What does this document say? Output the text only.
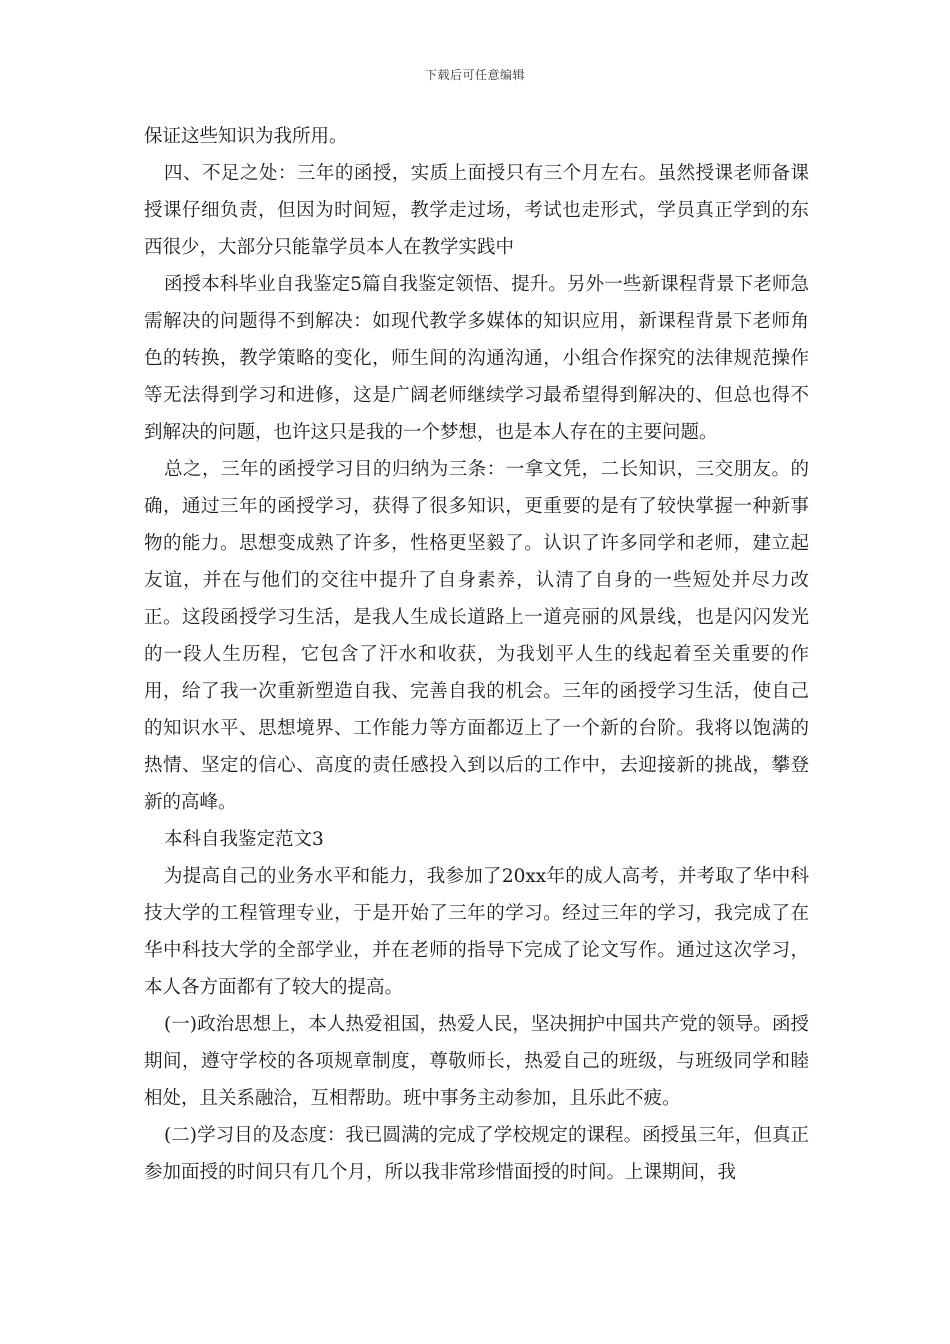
下载后可任意编辑

保证这些知识为我所用。

四、不足之处：三年的函授，实质上面授只有三个月左右。虽然授课老师备课授课仔细负责，但因为时间短，教学走过场，考试也走形式，学员真正学到的东西很少，大部分只能靠学员本人在教学实践中

函授本科毕业自我鉴定5篇自我鉴定领悟、提升。另外一些新课程背景下老师急需解决的问题得不到解决：如现代教学多媒体的知识应用，新课程背景下老师角色的转换，教学策略的变化，师生间的沟通沟通，小组合作探究的法律规范操作等无法得到学习和进修，这是广阔老师继续学习最希望得到解决的、但总也得不到解决的问题，也许这只是我的一个梦想，也是本人存在的主要问题。

总之，三年的函授学习目的归纳为三条：一拿文凭，二长知识，三交朋友。的确，通过三年的函授学习，获得了很多知识，更重要的是有了较快掌握一种新事物的能力。思想变成熟了许多，性格更坚毅了。认识了许多同学和老师，建立起友谊，并在与他们的交往中提升了自身素养，认清了自身的一些短处并尽力改正。这段函授学习生活，是我人生成长道路上一道亮丽的风景线，也是闪闪发光的一段人生历程，它包含了汗水和收获，为我划平人生的线起着至关重要的作用，给了我一次重新塑造自我、完善自我的机会。三年的函授学习生活，使自己的知识水平、思想境界、工作能力等方面都迈上了一个新的台阶。我将以饱满的热情、坚定的信心、高度的责任感投入到以后的工作中，去迎接新的挑战，攀登新的高峰。

本科自我鉴定范文3

为提高自己的业务水平和能力，我参加了20xx年的成人高考，并考取了华中科技大学的工程管理专业，于是开始了三年的学习。经过三年的学习，我完成了在华中科技大学的全部学业，并在老师的指导下完成了论文写作。通过这次学习，本人各方面都有了较大的提高。

(一)政治思想上，本人热爱祖国，热爱人民，坚决拥护中国共产党的领导。函授期间，遵守学校的各项规章制度，尊敬师长，热爱自己的班级，与班级同学和睦相处，且关系融洽，互相帮助。班中事务主动参加，且乐此不疲。

(二)学习目的及态度：我已圆满的完成了学校规定的课程。函授虽三年，但真正参加面授的时间只有几个月，所以我非常珍惜面授的时间。上课期间，我
